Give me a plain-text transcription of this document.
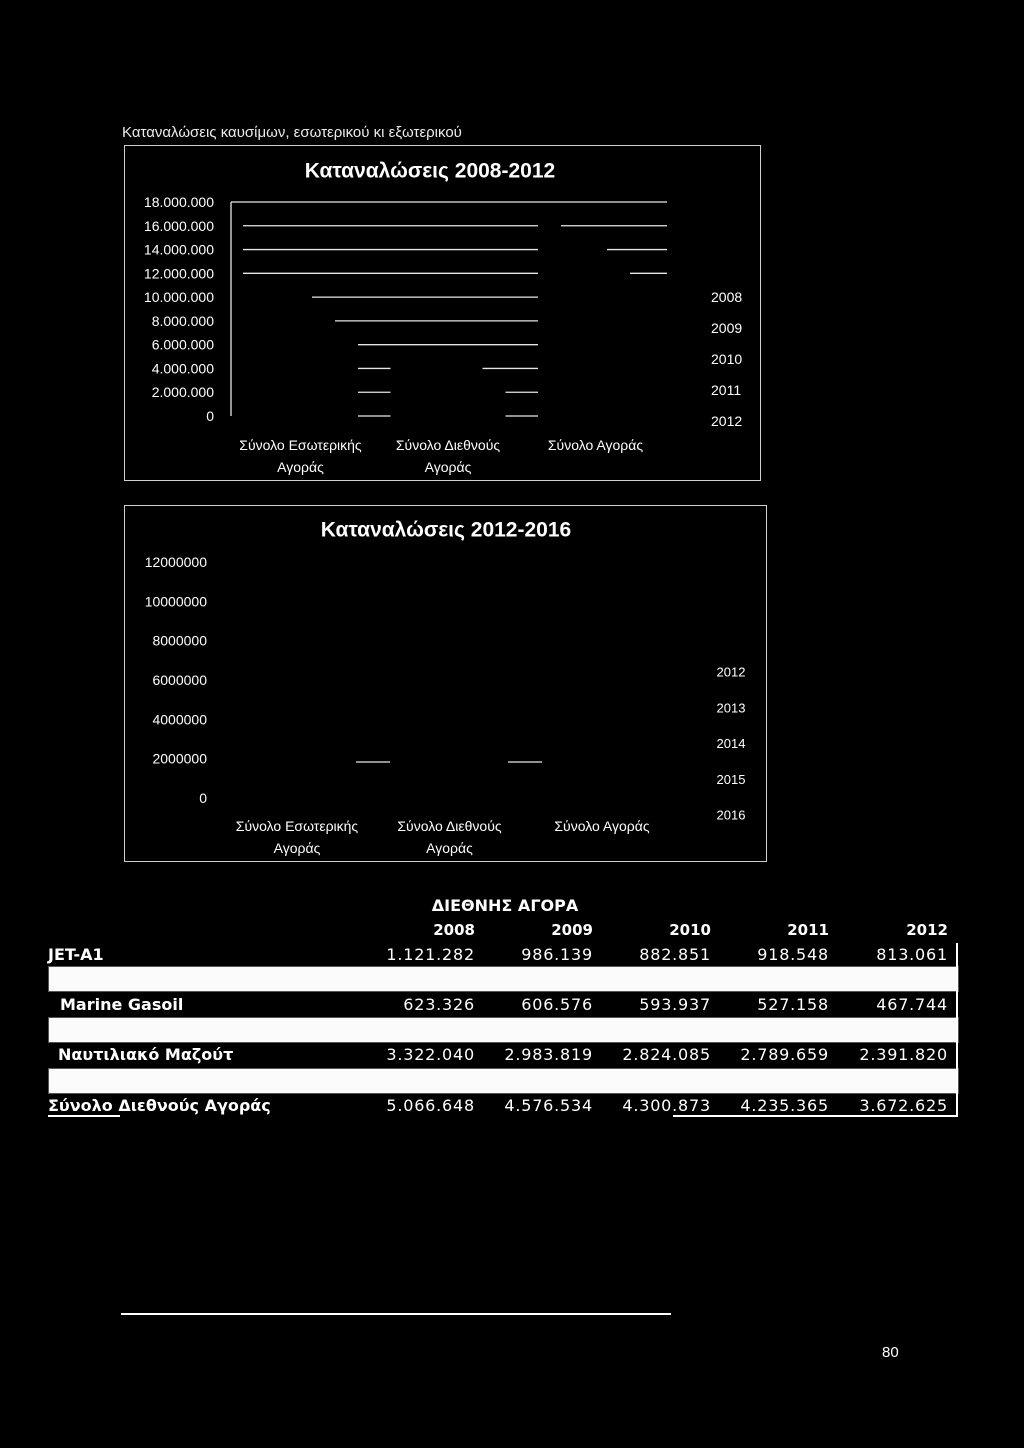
Καταναλώσεις καυσίμων, εσωτερικού κι εξωτερικού
Καταναλώσεις 2008-2012
18.000.000
16.000.000
14.000.000
12.000.000
10.000.000
8.000.000
6.000.000
4.000.000
2.000.000
0
2008
2009
2010
2011
2012
Σύνολο Εσωτερικής
Αγοράς
Σύνολο Διεθνούς
Αγοράς
Σύνολο Αγοράς
Καταναλώσεις 2012-2016
12000000
10000000
8000000
6000000
4000000
2000000
0
2012
2013
2014
2015
2016
Σύνολο Εσωτερικής
Αγοράς
Σύνολο Διεθνούς
Αγοράς
Σύνολο Αγοράς
ΔΙΕΘΝΗΣ ΑΓΟΡΑ
2008	2009	2010	2011	2012
JET-A1	1.121.282	986.139	882.851	918.548	813.061
Marine Gasoil	623.326	606.576	593.937	527.158	467.744
Ναυτιλιακό Μαζούτ	3.322.040	2.983.819	2.824.085	2.789.659	2.391.820
Σύνολο Διεθνούς Αγοράς	5.066.648	4.576.534	4.300.873	4.235.365	3.672.625
80
